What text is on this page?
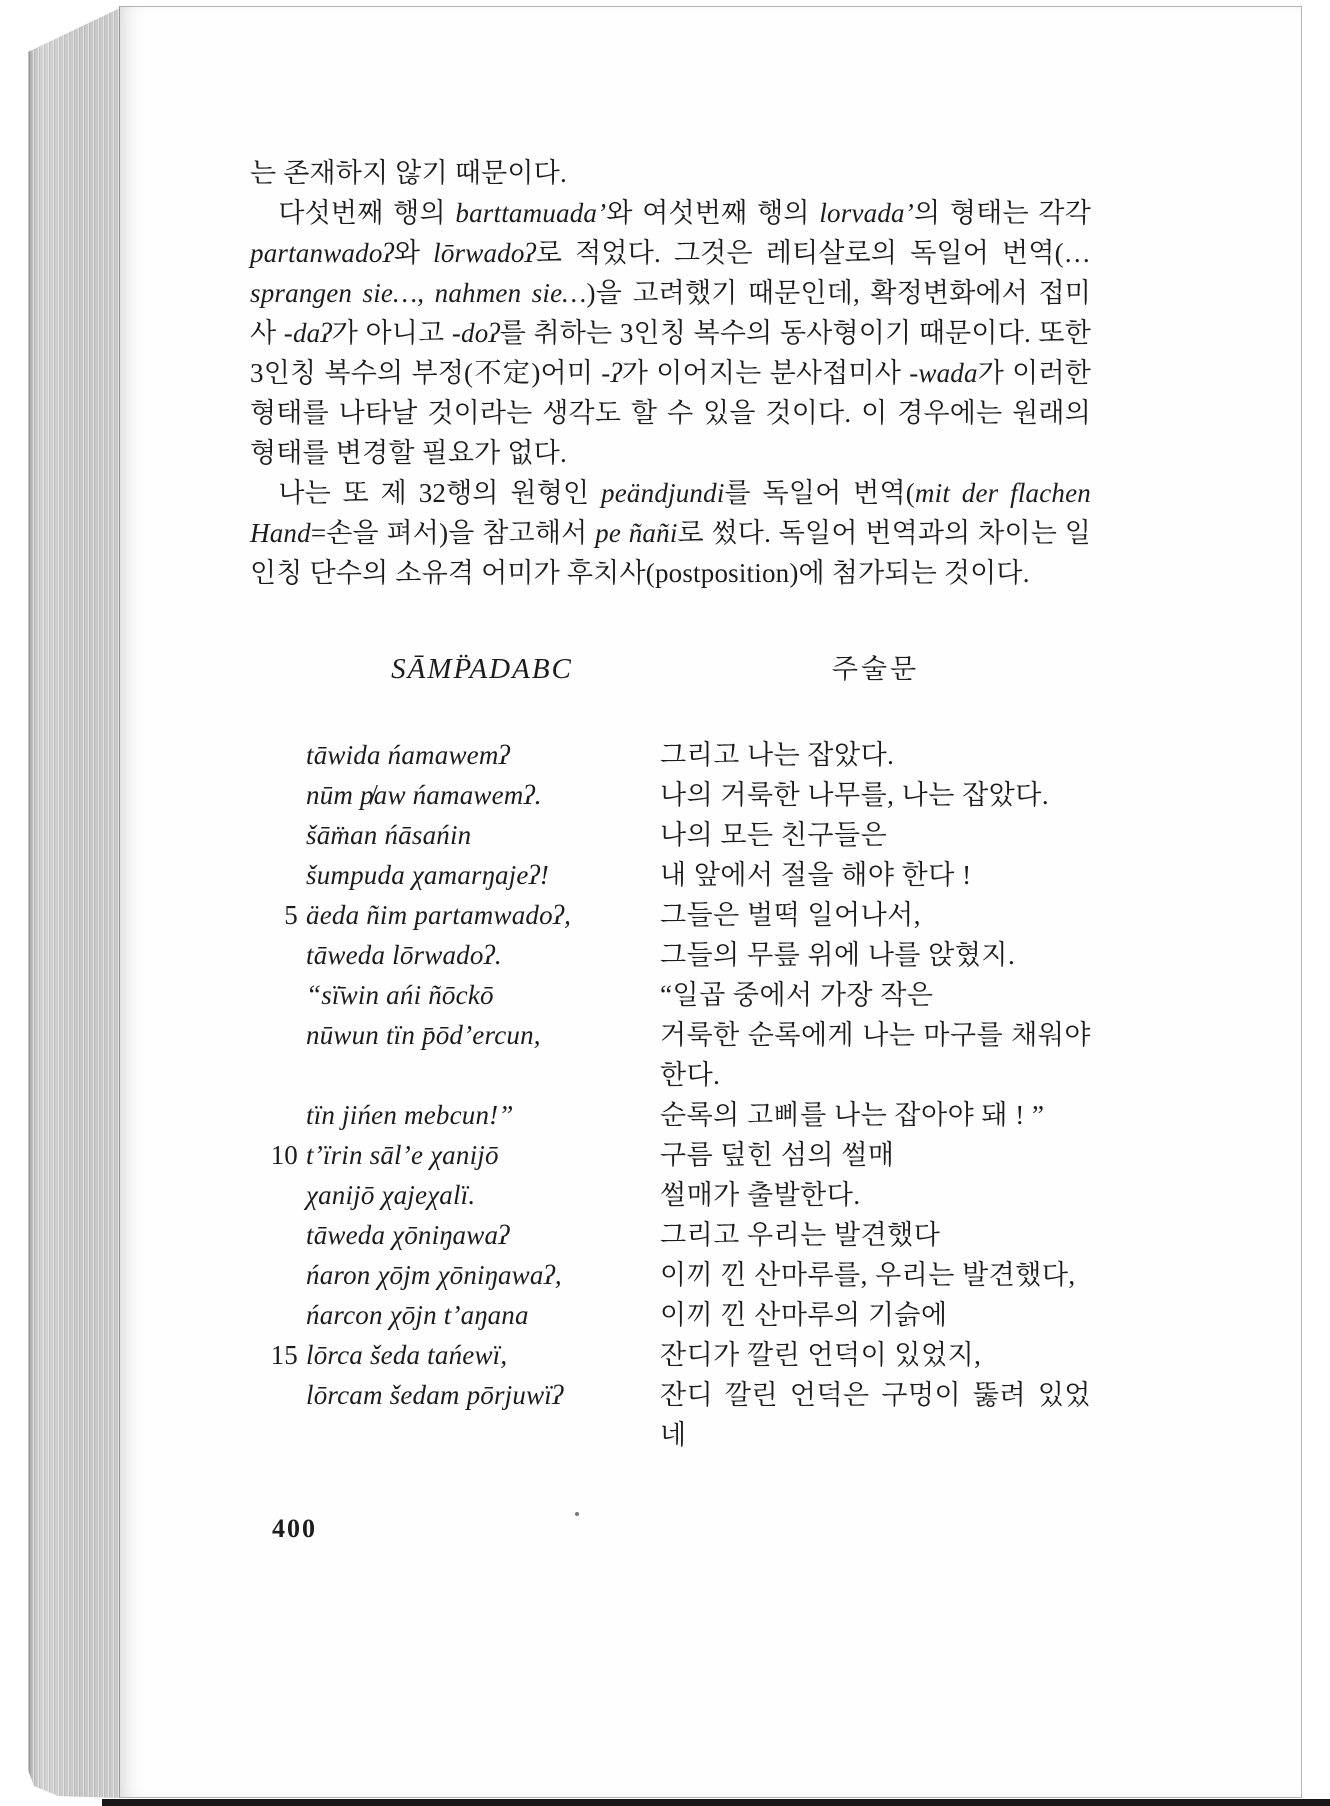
는 존재하지 않기 때문이다.

다섯번째 행의 barttamuada’와 여섯번째 행의 lorvada’의 형태는 각각 partanwadoʔ와 lōrwadoʔ로 적었다. 그것은 레티살로의 독일어 번역(…sprangen sie…, nahmen sie…)을 고려했기 때문인데, 확정변화에서 접미사 -daʔ가 아니고 -doʔ를 취하는 3인칭 복수의 동사형이기 때문이다. 또한 3인칭 복수의 부정(不定)어미 -ʔ가 이어지는 분사접미사 -wada가 이러한 형태를 나타날 것이라는 생각도 할 수 있을 것이다. 이 경우에는 원래의 형태를 변경할 필요가 없다.

나는 또 제 32행의 원형인 peändjundi를 독일어 번역(mit der flachen Hand=손을 펴서)을 참고해서 pe ñañi로 썼다. 독일어 번역과의 차이는 일인칭 단수의 소유격 어미가 후치사(postposition)에 첨가되는 것이다.

SĀMP̈ADABC	주술문
tāwida ńamawemʔ	그리고 나는 잡았다.
nūm p̸aw ńamawemʔ.	나의 거룩한 나무를, 나는 잡았다.
šām̈an ńāsańin	나의 모든 친구들은
šumpuda χamarŋajeʔ!	내 앞에서 절을 해야 한다 !
5 äeda ñim partamwadoʔ,	그들은 벌떡 일어나서,
tāweda lōrwadoʔ.	그들의 무릎 위에 나를 앉혔지.
“sï̄win ańi ñōckō	“일곱 중에서 가장 작은
nūwun tïn p̄ōd’ercun,	거룩한 순록에게 나는 마구를 채워야 한다.
tïn jińen mebcun!”	순록의 고삐를 나는 잡아야 돼 ! ”
10 t’ïrin sāl’e χanijō	구름 덮힌 섬의 썰매
χanijō χajeχalï.	썰매가 출발한다.
tāweda χōniŋawaʔ	그리고 우리는 발견했다
ńaron χōjm χōniŋawaʔ,	이끼 낀 산마루를, 우리는 발견했다,
ńarcon χōjn t’aŋana	이끼 낀 산마루의 기슭에
15 lōrca šeda tańewï,	잔디가 깔린 언덕이 있었지,
lōrcam šedam pōrjuwïʔ	잔디 깔린 언덕은 구멍이 뚫려 있었네
400
